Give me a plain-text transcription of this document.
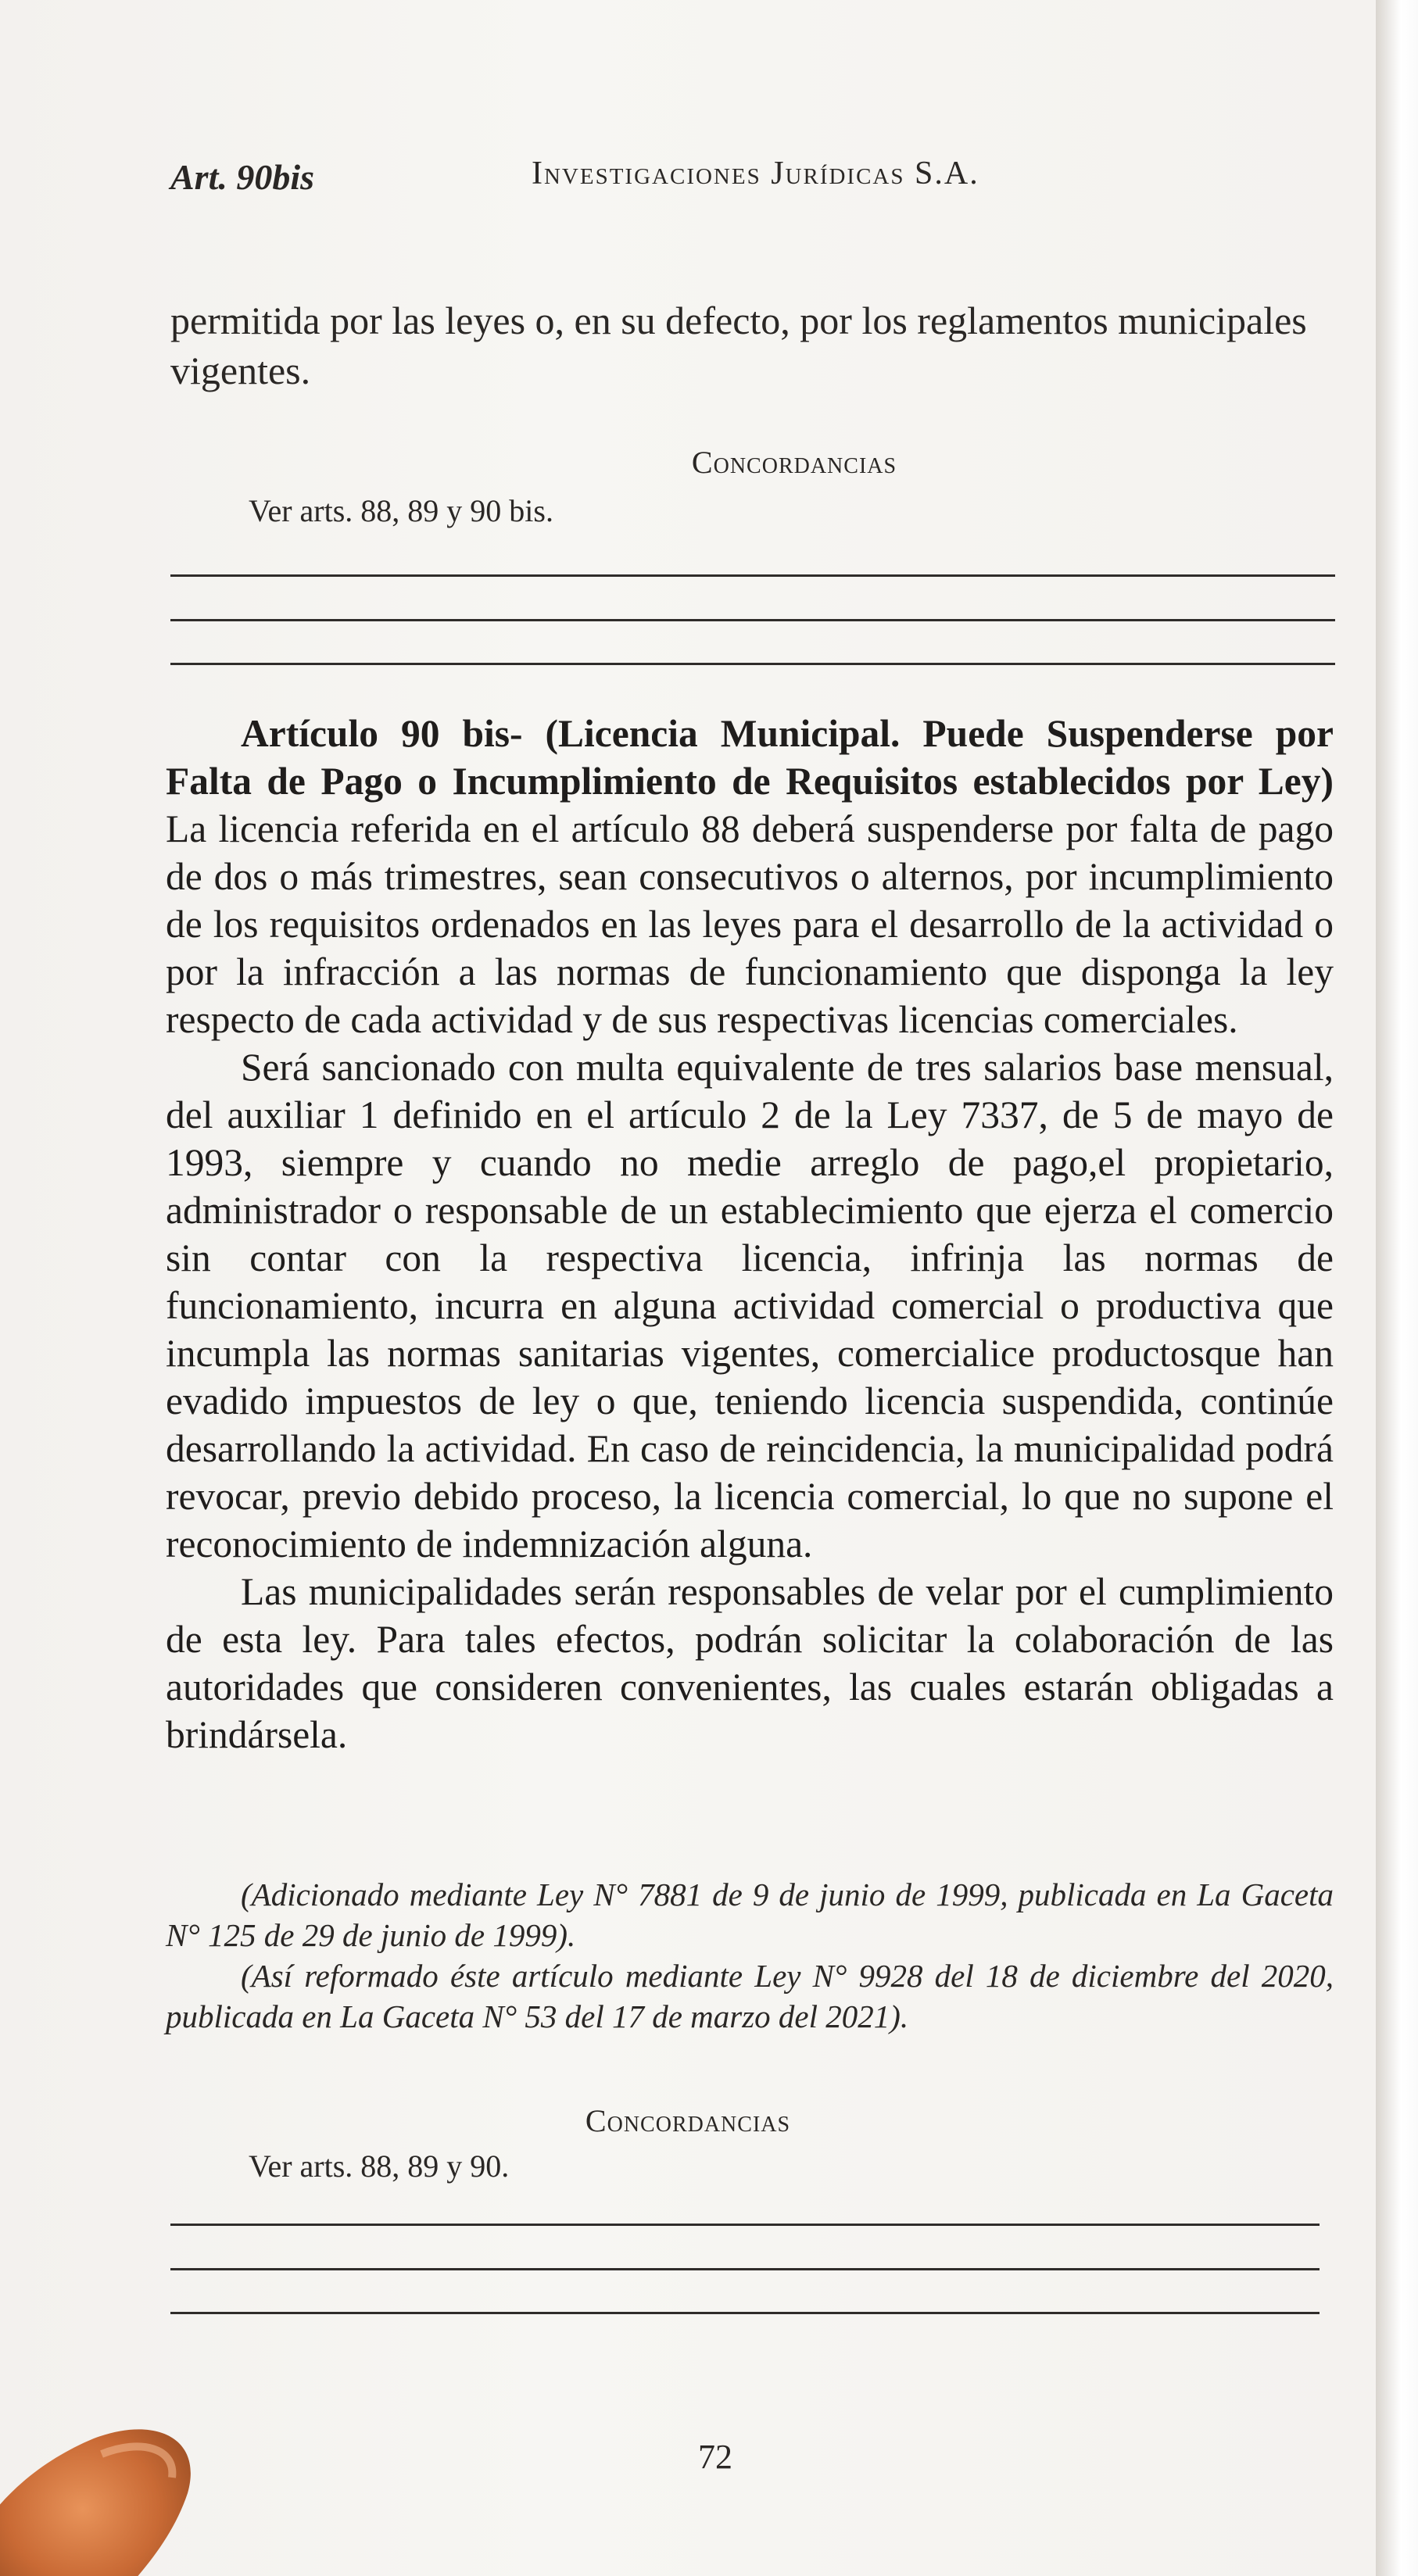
Art. 90bis	Investigaciones Jurídicas S.A.
permitida por las leyes o, en su defecto, por los reglamentos municipales vigentes.
Concordancias
Ver arts. 88, 89 y 90 bis.

Artículo 90 bis- (Licencia Municipal. Puede Suspenderse por Falta de Pago o Incumplimiento de Requisitos establecidos por Ley) La licencia referida en el artículo 88 deberá suspenderse por falta de pago de dos o más trimestres, sean consecutivos o alternos, por incumplimiento de los requisitos ordenados en las leyes para el desarrollo de la actividad o por la infracción a las normas de funcionamiento que disponga la ley respecto de cada actividad y de sus respectivas licencias comerciales.

Será sancionado con multa equivalente de tres salarios base mensual, del auxiliar 1 definido en el artículo 2 de la Ley 7337, de 5 de mayo de 1993, siempre y cuando no medie arreglo de pago,el propietario, administrador o responsable de un establecimiento que ejerza el comercio sin contar con la respectiva licencia, infrinja las normas de funcionamiento, incurra en alguna actividad comercial o productiva que incumpla las normas sanitarias vigentes, comercialice productosque han evadido impuestos de ley o que, teniendo licencia suspendida, continúe desarrollando la actividad. En caso de reincidencia, la municipalidad podrá revocar, previo debido proceso, la licencia comercial, lo que no supone el reconocimiento de indemnización alguna.

Las municipalidades serán responsables de velar por el cumplimiento de esta ley. Para tales efectos, podrán solicitar la colaboración de las autoridades que consideren convenientes, las cuales estarán obligadas a brindársela.

(Adicionado mediante Ley N° 7881 de 9 de junio de 1999, publicada en La Gaceta N° 125 de 29 de junio de 1999).

(Así reformado éste artículo mediante Ley N° 9928 del 18 de diciembre del 2020, publicada en La Gaceta N° 53 del 17 de marzo del 2021).

Concordancias
Ver arts. 88, 89 y 90.
72
